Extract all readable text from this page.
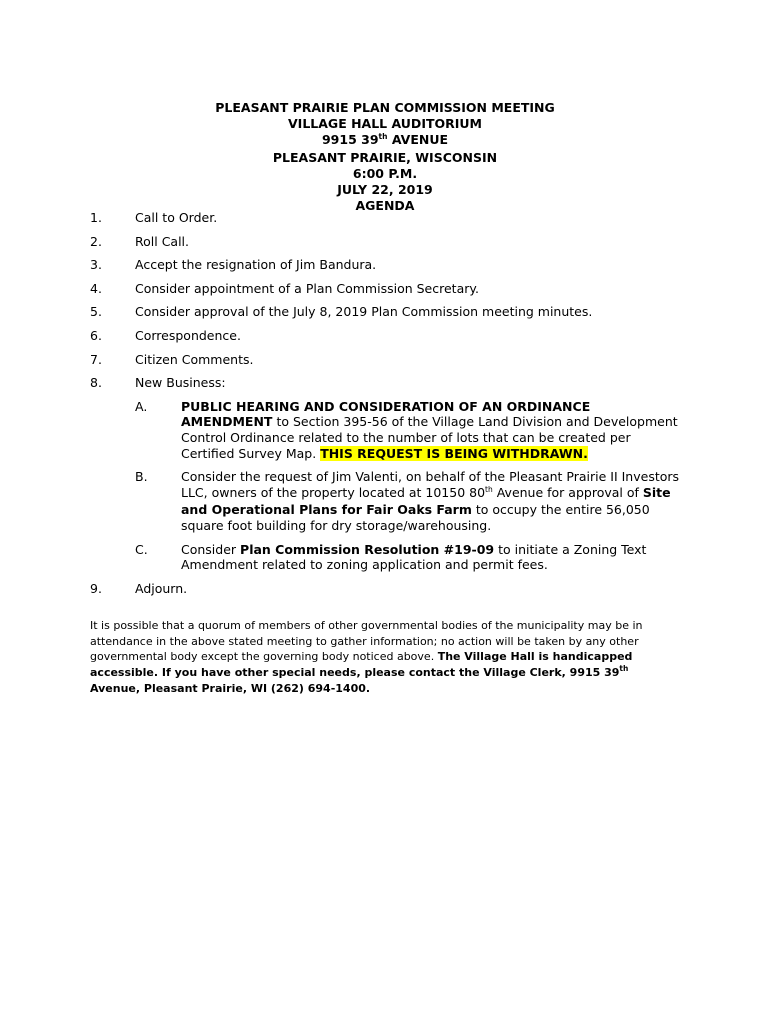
PLEASANT PRAIRIE PLAN COMMISSION MEETING
VILLAGE HALL AUDITORIUM
9915 39th AVENUE
PLEASANT PRAIRIE, WISCONSIN
6:00 P.M.
JULY 22, 2019
AGENDA
1.	Call to Order.
2.	Roll Call.
3.	Accept the resignation of Jim Bandura.
4.	Consider appointment of a Plan Commission Secretary.
5.	Consider approval of the July 8, 2019 Plan Commission meeting minutes.
6.	Correspondence.
7.	Citizen Comments.
8.	New Business:
A.	PUBLIC HEARING AND CONSIDERATION OF AN ORDINANCE AMENDMENT to Section 395-56 of the Village Land Division and Development Control Ordinance related to the number of lots that can be created per Certified Survey Map. THIS REQUEST IS BEING WITHDRAWN.
B.	Consider the request of Jim Valenti, on behalf of the Pleasant Prairie II Investors LLC, owners of the property located at 10150 80th Avenue for approval of Site and Operational Plans for Fair Oaks Farm to occupy the entire 56,050 square foot building for dry storage/warehousing.
C.	Consider Plan Commission Resolution #19-09 to initiate a Zoning Text Amendment related to zoning application and permit fees.
9.	Adjourn.
It is possible that a quorum of members of other governmental bodies of the municipality may be in attendance in the above stated meeting to gather information; no action will be taken by any other governmental body except the governing body noticed above. The Village Hall is handicapped accessible. If you have other special needs, please contact the Village Clerk, 9915 39th Avenue, Pleasant Prairie, WI (262) 694-1400.
